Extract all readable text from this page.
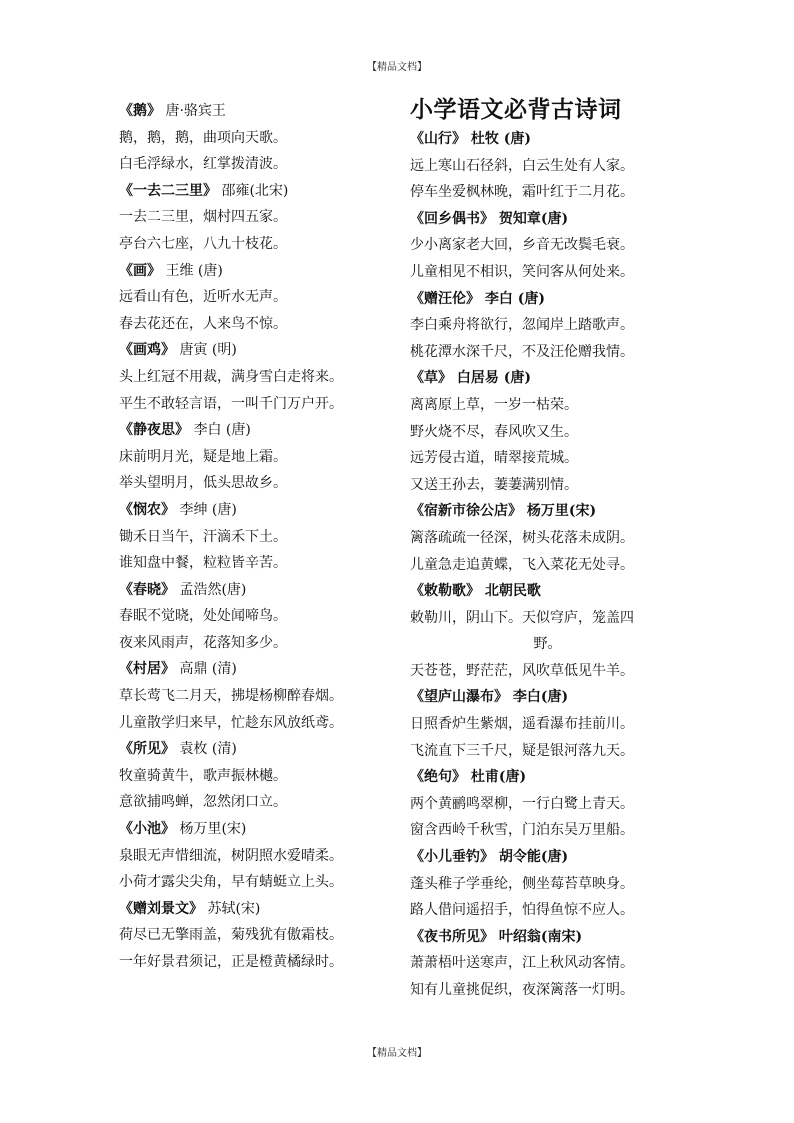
【精品文档】
《鹅》 唐·骆宾王
鹅，鹅，鹅，曲项向天歌。
白毛浮绿水，红掌拨清波。
《一去二三里》 邵雍(北宋)
一去二三里，烟村四五家。
亭台六七座，八九十枝花。
《画》 王维 (唐)
远看山有色，近听水无声。
春去花还在，人来鸟不惊。
《画鸡》 唐寅 (明)
头上红冠不用裁，满身雪白走将来。
平生不敢轻言语，一叫千门万户开。
《静夜思》 李白 (唐)
床前明月光，疑是地上霜。
举头望明月，低头思故乡。
《悯农》 李绅 (唐)
锄禾日当午，汗滴禾下土。
谁知盘中餐，粒粒皆辛苦。
《春晓》 孟浩然(唐)
春眠不觉晓，处处闻啼鸟。
夜来风雨声，花落知多少。
《村居》 高鼎 (清)
草长莺飞二月天，拂堤杨柳醉春烟。
儿童散学归来早，忙趁东风放纸鸢。
《所见》 袁枚 (清)
牧童骑黄牛，歌声振林樾。
意欲捕鸣蝉，忽然闭口立。
《小池》 杨万里(宋)
泉眼无声惜细流，树阴照水爱晴柔。
小荷才露尖尖角，早有蜻蜓立上头。
《赠刘景文》 苏轼(宋)
荷尽已无擎雨盖，菊残犹有傲霜枝。
一年好景君须记，正是橙黄橘绿时。
小学语文必背古诗词
《山行》 杜牧 (唐)
远上寒山石径斜，白云生处有人家。
停车坐爱枫林晚，霜叶红于二月花。
《回乡偶书》 贺知章(唐)
少小离家老大回，乡音无改鬓毛衰。
儿童相见不相识，笑问客从何处来。
《赠汪伦》 李白 (唐)
李白乘舟将欲行，忽闻岸上踏歌声。
桃花潭水深千尺，不及汪伦赠我情。
《草》 白居易 (唐)
离离原上草，一岁一枯荣。
野火烧不尽，春风吹又生。
远芳侵古道，晴翠接荒城。
又送王孙去，萋萋满别情。
《宿新市徐公店》 杨万里(宋)
篱落疏疏一径深，树头花落未成阴。
儿童急走追黄蝶，飞入菜花无处寻。
《敕勒歌》 北朝民歌
敕勒川，阴山下。天似穹庐，笼盖四
野。
天苍苍，野茫茫，风吹草低见牛羊。
《望庐山瀑布》 李白(唐)
日照香炉生紫烟，遥看瀑布挂前川。
飞流直下三千尺，疑是银河落九天。
《绝句》 杜甫(唐)
两个黄鹂鸣翠柳，一行白鹭上青天。
窗含西岭千秋雪，门泊东吴万里船。
《小儿垂钓》 胡令能(唐)
蓬头稚子学垂纶，侧坐莓苔草映身。
路人借问遥招手，怕得鱼惊不应人。
《夜书所见》 叶绍翁(南宋)
萧萧梧叶送寒声，江上秋风动客情。
知有儿童挑促织，夜深篱落一灯明。
【精品文档】
